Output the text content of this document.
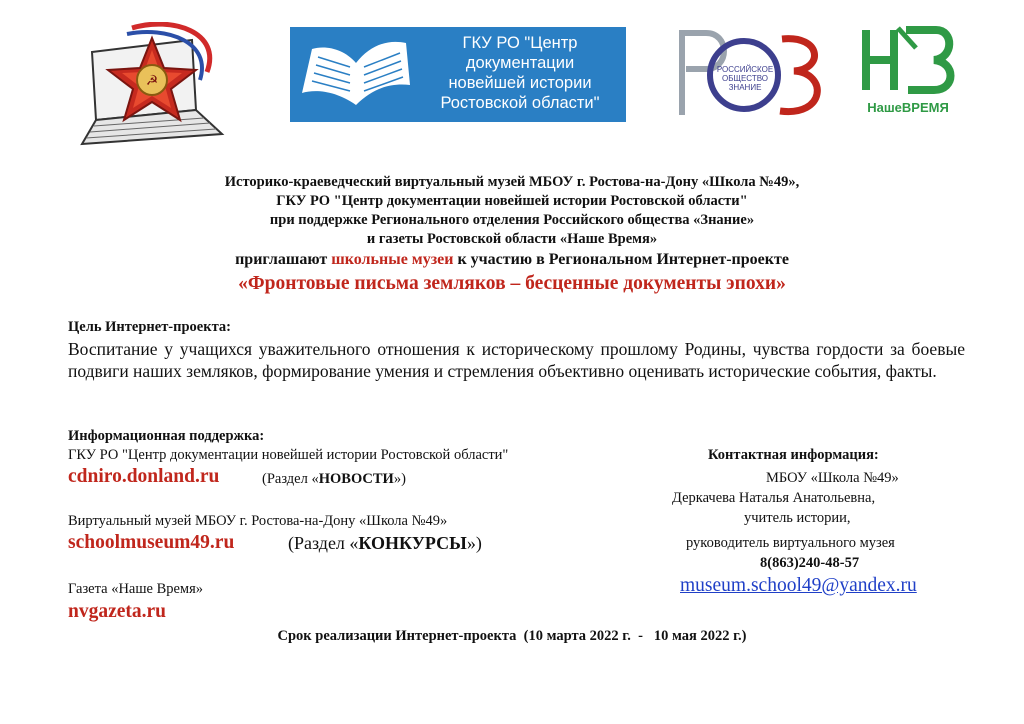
☭
ГКУ РО "Центр
документации
новейшей истории
Ростовской области"
РОССИЙСКОЕ
ОБЩЕСТВО
ЗНАНИЕ
НашеВРЕМЯ
Историко-краеведческий виртуальный музей МБОУ г. Ростова-на-Дону «Школа №49»,
ГКУ РО "Центр документации новейшей истории Ростовской области"
при поддержке Регионального отделения Российского общества «Знание»
и газеты Ростовской области «Наше Время»
приглашают школьные музеи к участию в Региональном Интернет-проекте
«Фронтовые письма земляков – бесценные документы эпохи»
Цель Интернет-проекта:
Воспитание у учащихся уважительного отношения к историческому прошлому Родины, чувства гордости за боевые подвиги наших земляков, формирование умения и стремления объективно оценивать исторические события, факты.
Информационная поддержка:
ГКУ РО "Центр документации новейшей истории Ростовской области"
cdniro.donland.ru	(Раздел «НОВОСТИ»)
Виртуальный музей МБОУ г. Ростова-на-Дону «Школа №49»
schoolmuseum49.ru	(Раздел «КОНКУРСЫ»)
Газета «Наше Время»
nvgazeta.ru
Контактная информация:
МБОУ «Школа №49»
Деркачева Наталья Анатольевна,
учитель истории,
руководитель виртуального музея
8(863)240-48-57
museum.school49@yandex.ru
Срок реализации Интернет-проекта  (10 марта 2022 г.  -   10 мая 2022 г.)
